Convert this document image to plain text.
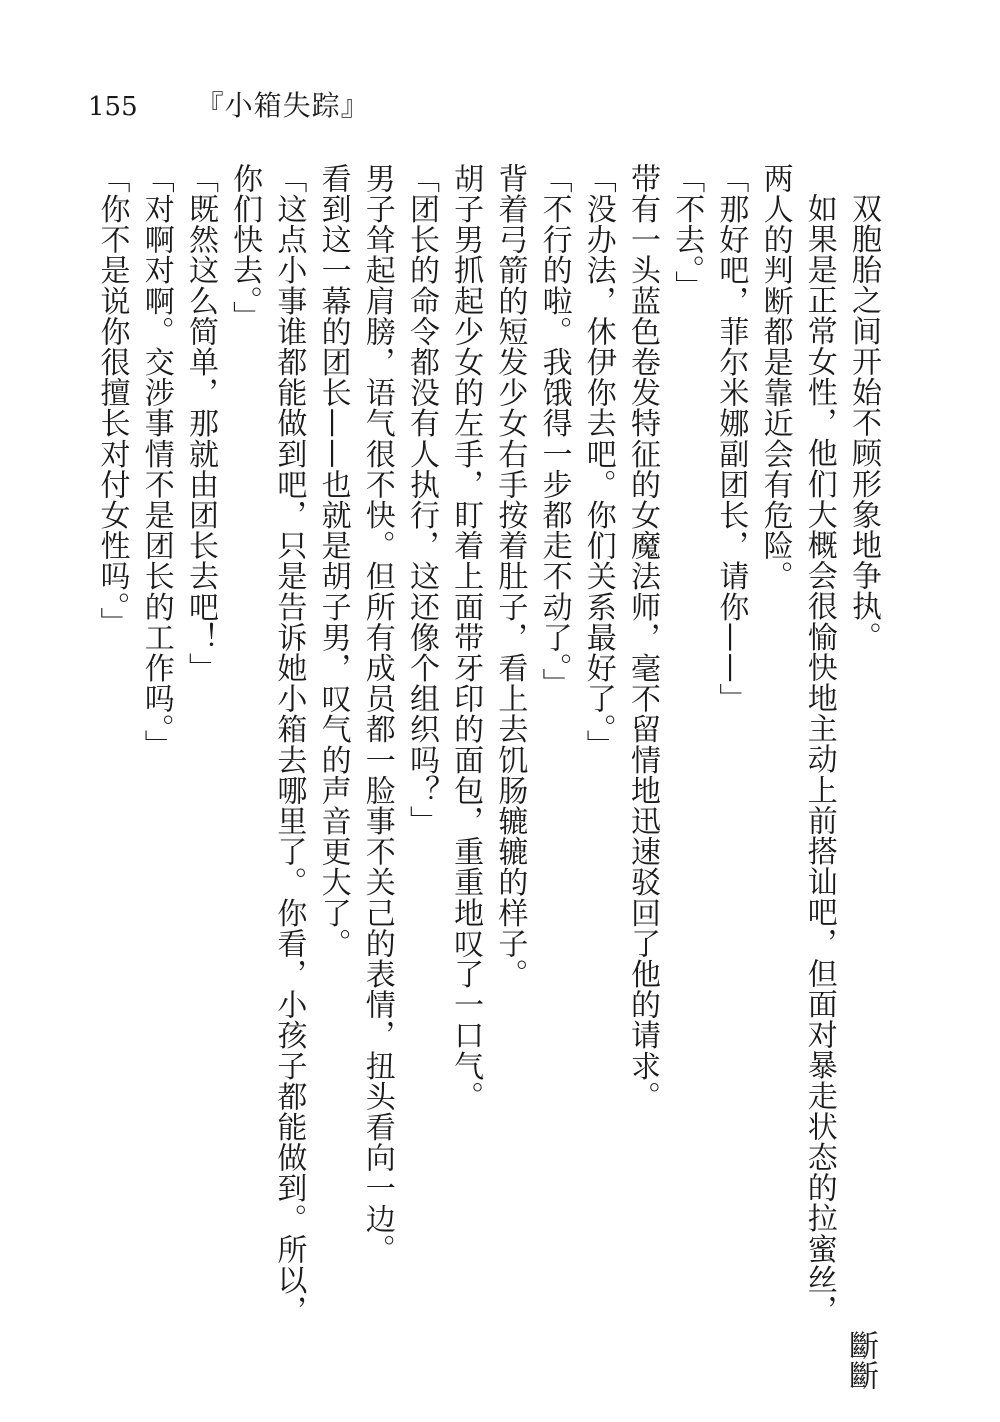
155 『小箱失踪』

双胞胎之间开始不顾形象地争执。

如果是正常女性，他们大概会很愉快地主动上前搭讪吧，但面对暴走状态的拉蜜丝，两人的判断都是靠近会有危险。

「那好吧，菲尔米娜副团长，请你——」

「不去。」

带有一头蓝色卷发特征的女魔法师，毫不留情地迅速驳回了他的请求。

「没办法，休伊你去吧。你们关系最好了。」

「不行的啦。我饿得一步都走不动了。」

背着弓箭的短发少女右手按着肚子，看上去饥肠辘辘的样子。

胡子男抓起少女的左手，盯着上面带牙印的面包，重重地叹了一口气。

「团长的命令都没有人执行，这还像个组织吗？」

男子耸起肩膀，语气很不快。但所有成员都一脸事不关己的表情，扭头看向一边。

看到这一幕的团长——也就是胡子男，叹气的声音更大了。

「这点小事谁都能做到吧，只是告诉她小箱去哪里了。你看，小孩子都能做到。所以，你们快去。」

「既然这么简单，那就由团长去吧！」

「对啊对啊。交涉事情不是团长的工作吗。」

「你不是说你很擅长对付女性吗。」

斷斷
